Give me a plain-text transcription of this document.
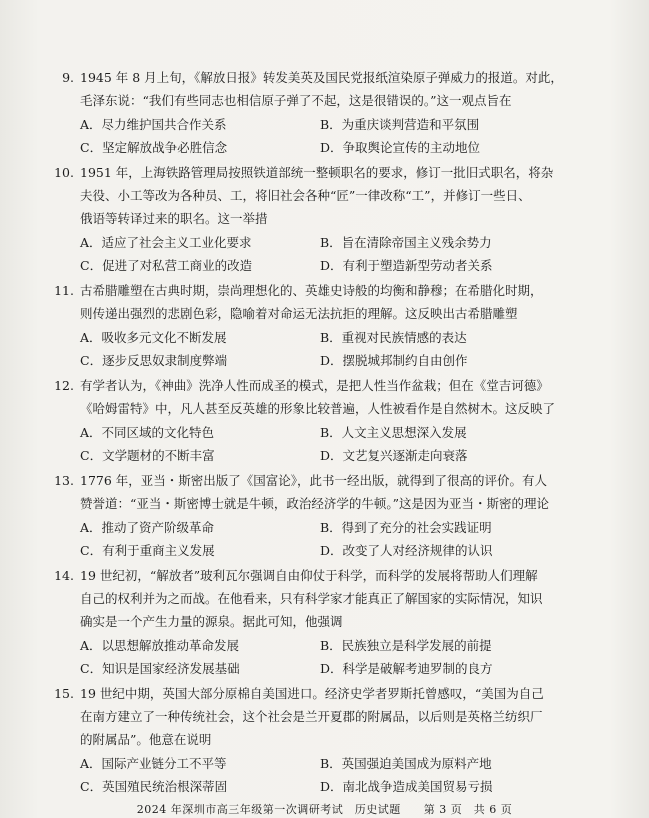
9. 1945 年 8 月上旬，《解放日报》转发美英及国民党报纸渲染原子弹威力的报道。对此，
毛泽东说：“我们有些同志也相信原子弹了不起，这是很错误的。”这一观点旨在
A．尽力维护国共合作关系	B．为重庆谈判营造和平氛围
C．坚定解放战争必胜信念	D．争取舆论宣传的主动地位
10. 1951 年，上海铁路管理局按照铁道部统一整顿职名的要求，修订一批旧式职名，将杂
夫役、小工等改为各种员、工，将旧社会各种“匠”一律改称“工”，并修订一些日、
俄语等转译过来的职名。这一举措
A．适应了社会主义工业化要求	B．旨在清除帝国主义残余势力
C．促进了对私营工商业的改造	D．有利于塑造新型劳动者关系
11. 古希腊雕塑在古典时期，崇尚理想化的、英雄史诗般的均衡和静穆；在希腊化时期，
则传递出强烈的悲剧色彩，隐喻着对命运无法抗拒的理解。这反映出古希腊雕塑
A．吸收多元文化不断发展	B．重视对民族情感的表达
C．逐步反思奴隶制度弊端	D．摆脱城邦制约自由创作
12. 有学者认为，《神曲》洗净人性而成圣的模式，是把人性当作盆栽；但在《堂吉诃德》
《哈姆雷特》中，凡人甚至反英雄的形象比较普遍，人性被看作是自然树木。这反映了
A．不同区域的文化特色	B．人文主义思想深入发展
C．文学题材的不断丰富	D．文艺复兴逐渐走向衰落
13. 1776 年，亚当・斯密出版了《国富论》，此书一经出版，就得到了很高的评价。有人
赞誉道：“亚当・斯密博士就是牛顿，政治经济学的牛顿。”这是因为亚当・斯密的理论
A．推动了资产阶级革命	B．得到了充分的社会实践证明
C．有利于重商主义发展	D．改变了人对经济规律的认识
14. 19 世纪初，“解放者”玻利瓦尔强调自由仰仗于科学，而科学的发展将帮助人们理解
自己的权利并为之而战。在他看来，只有科学家才能真正了解国家的实际情况，知识
确实是一个产生力量的源泉。据此可知，他强调
A．以思想解放推动革命发展	B．民族独立是科学发展的前提
C．知识是国家经济发展基础	D．科学是破解考迪罗制的良方
15. 19 世纪中期，英国大部分原棉自美国进口。经济史学者罗斯托曾感叹，“美国为自己
在南方建立了一种传统社会，这个社会是兰开夏郡的附属品，以后则是英格兰纺织厂
的附属品”。他意在说明
A．国际产业链分工不平等	B．英国强迫美国成为原料产地
C．英国殖民统治根深蒂固	D．南北战争造成美国贸易亏损
2024 年深圳市高三年级第一次调研考试　历史试题　　第 3 页　共 6 页
